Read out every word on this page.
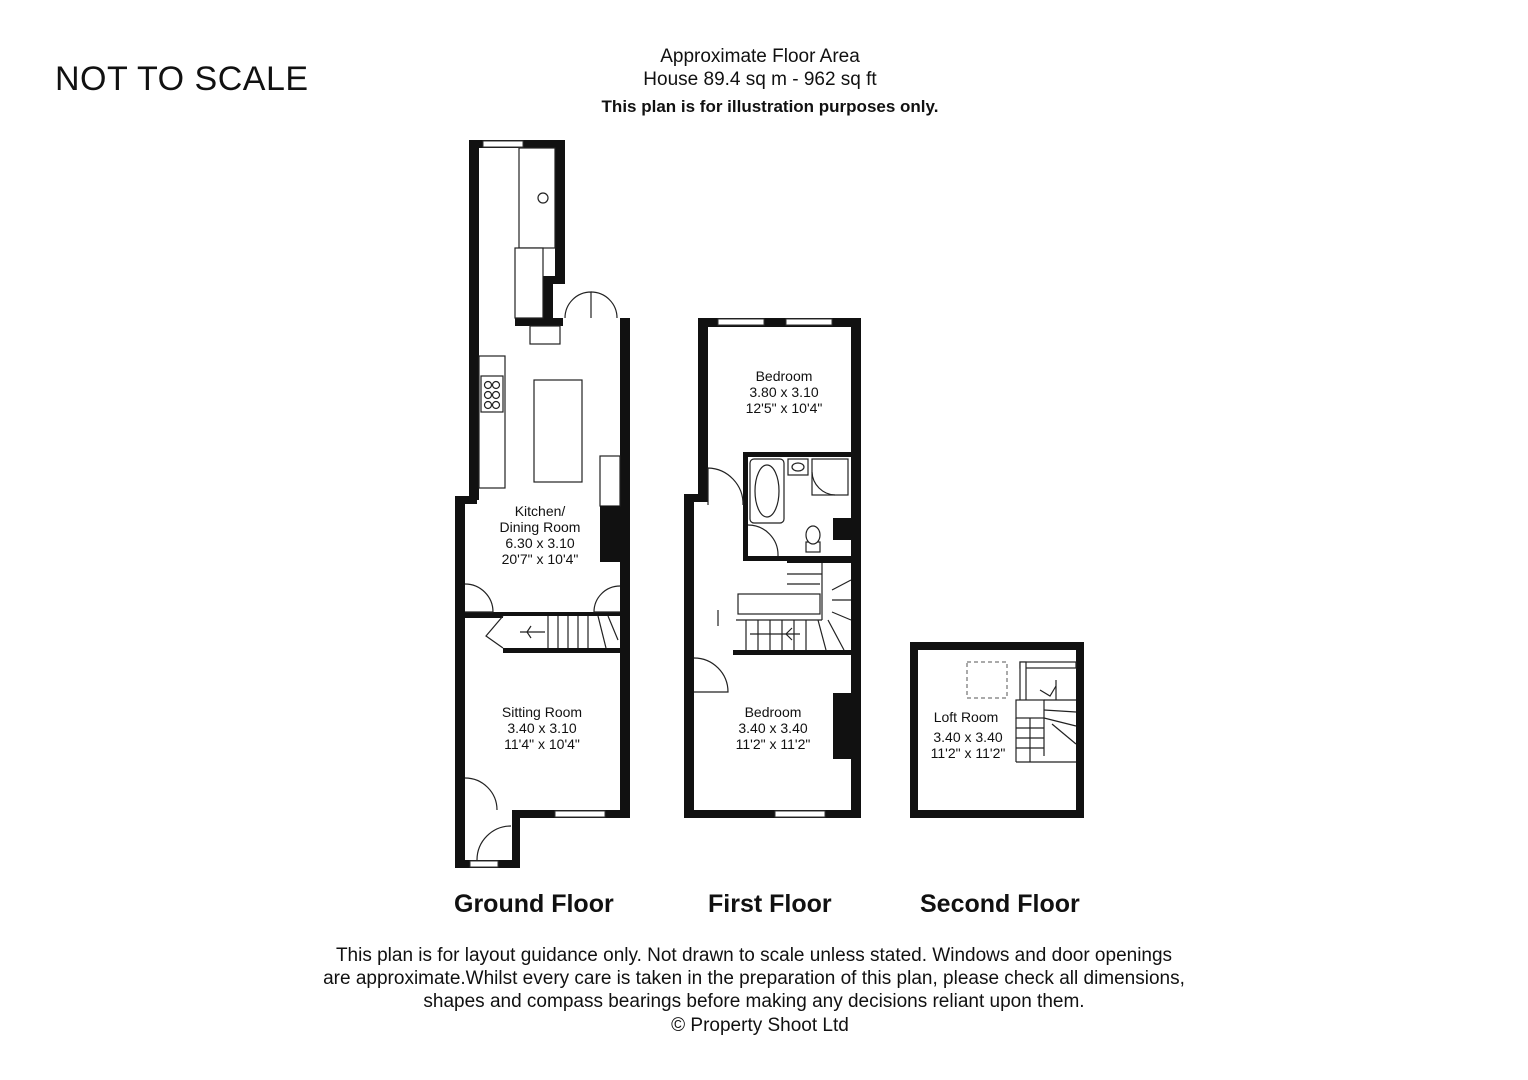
NOT TO SCALE
Approximate Floor Area
House 89.4 sq m - 962 sq ft
This plan is for illustration purposes only.
Kitchen/
Dining Room
6.30 x 3.10
20'7" x 10'4"
Sitting Room
3.40 x 3.10
11'4" x 10'4"
Bedroom
3.80 x 3.10
12'5" x 10'4"
Bedroom
3.40 x 3.40
11'2" x 11'2"
Loft Room
3.40 x 3.40
11'2" x 11'2"
Ground Floor	First Floor	Second Floor
This plan is for layout guidance only. Not drawn to scale unless stated. Windows and door openings
are approximate.Whilst every care is taken in the preparation of this plan, please check all dimensions,
shapes and compass bearings before making any decisions reliant upon them.
© Property Shoot Ltd
